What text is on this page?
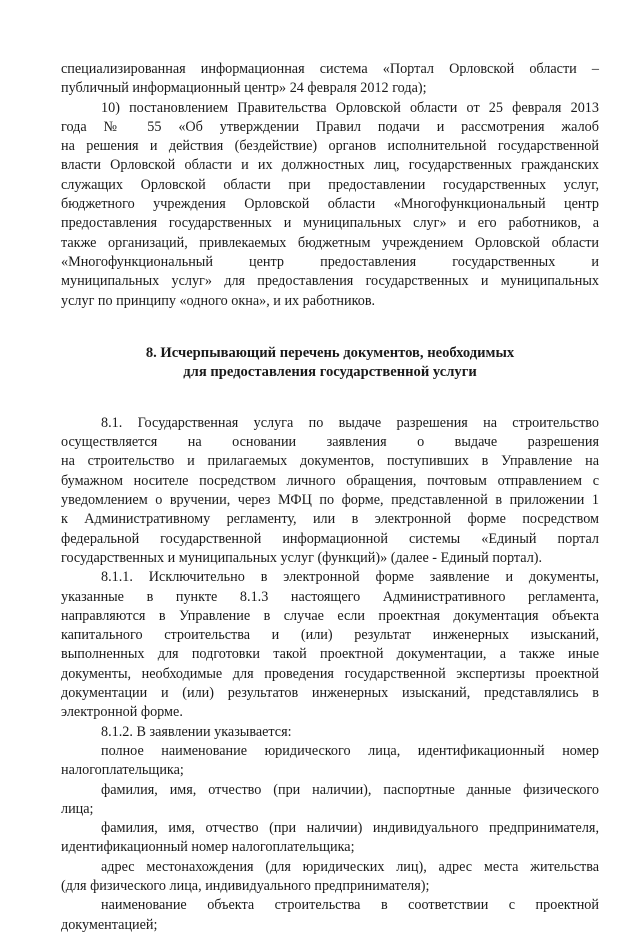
специализированная информационная система «Портал Орловской области –
публичный информационный центр» 24 февраля 2012 года);
10) постановлением Правительства Орловской области от 25 февраля 2013
года № 55 «Об утверждении Правил подачи и рассмотрения жалоб
на решения и действия (бездействие) органов исполнительной государственной
власти Орловской области и их должностных лиц, государственных гражданских
служащих Орловской области при предоставлении государственных услуг,
бюджетного учреждения Орловской области «Многофункциональный центр
предоставления государственных и муниципальных слуг» и его работников, а
также организаций, привлекаемых бюджетным учреждением Орловской области
«Многофункциональный центр предоставления государственных и
муниципальных услуг» для предоставления государственных и муниципальных
услуг по принципу «одного окна», и их работников.
8. Исчерпывающий перечень документов, необходимых
для предоставления государственной услуги
8.1. Государственная услуга по выдаче разрешения на строительство
осуществляется на основании заявления о выдаче разрешения
на строительство и прилагаемых документов, поступивших в Управление на
бумажном носителе посредством личного обращения, почтовым отправлением с
уведомлением о вручении, через МФЦ по форме, представленной в приложении 1
к Административному регламенту, или в электронной форме посредством
федеральной государственной информационной системы «Единый портал
государственных и муниципальных услуг (функций)» (далее - Единый портал).
8.1.1. Исключительно в электронной форме заявление и документы,
указанные в пункте 8.1.3 настоящего Административного регламента,
направляются в Управление в случае если проектная документация объекта
капитального строительства и (или) результат инженерных изысканий,
выполненных для подготовки такой проектной документации, а также иные
документы, необходимые для проведения государственной экспертизы проектной
документации и (или) результатов инженерных изысканий, представлялись в
электронной форме.
8.1.2. В заявлении указывается:
полное наименование юридического лица, идентификационный номер
налогоплательщика;
фамилия, имя, отчество (при наличии), паспортные данные физического
лица;
фамилия, имя, отчество (при наличии) индивидуального предпринимателя,
идентификационный номер налогоплательщика;
адрес местонахождения (для юридических лиц), адрес места жительства
(для физического лица, индивидуального предпринимателя);
наименование объекта строительства в соответствии с проектной
документацией;
